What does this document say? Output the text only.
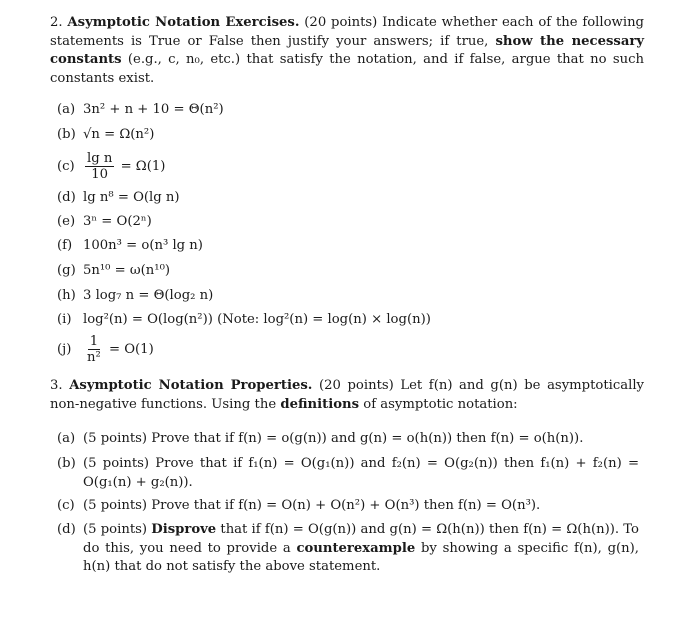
2. Asymptotic Notation Exercises. (20 points) Indicate whether each of the following statements is True or False then justify your answers; if true, show the necessary constants (e.g., c, n₀, etc.) that satisfy the notation, and if false, argue that no such constants exist.
(a) 3n² + n + 10 = Θ(n²)
(b) √n = Ω(n²)
$(c) \frac{\text{lg n}}{10} = \Omega(1)$
(d) lg n⁸ = O(lg n)
(e) 3ⁿ = O(2ⁿ)
(f) 100n³ = o(n³ lg n)
(g) 5n¹⁰ = ω(n¹⁰)
(h) 3 log₇ n = Θ(log₂ n)
(i) log²(n) = O(log(n²)) (Note: log²(n) = log(n) × log(n))
$(j) \frac{1}{\text{n²}} = O(1)$
3. Asymptotic Notation Properties. (20 points) Let f(n) and g(n) be asymptotically non-negative functions. Using the definitions of asymptotic notation:
(a) (5 points) Prove that if f(n) = o(g(n)) and g(n) = o(h(n)) then f(n) = o(h(n)).
(b) (5 points) Prove that if f₁(n) = O(g₁(n)) and f₂(n) = O(g₂(n)) then f₁(n) + f₂(n) = O(g₁(n) + g₂(n)).
(c) (5 points) Prove that if f(n) = O(n) + O(n²) + O(n³) then f(n) = O(n³).
(d) (5 points) Disprove that if f(n) = O(g(n)) and g(n) = Ω(h(n)) then f(n) = Ω(h(n)). To do this, you need to provide a counterexample by showing a specific f(n), g(n), h(n) that do not satisfy the above statement.
